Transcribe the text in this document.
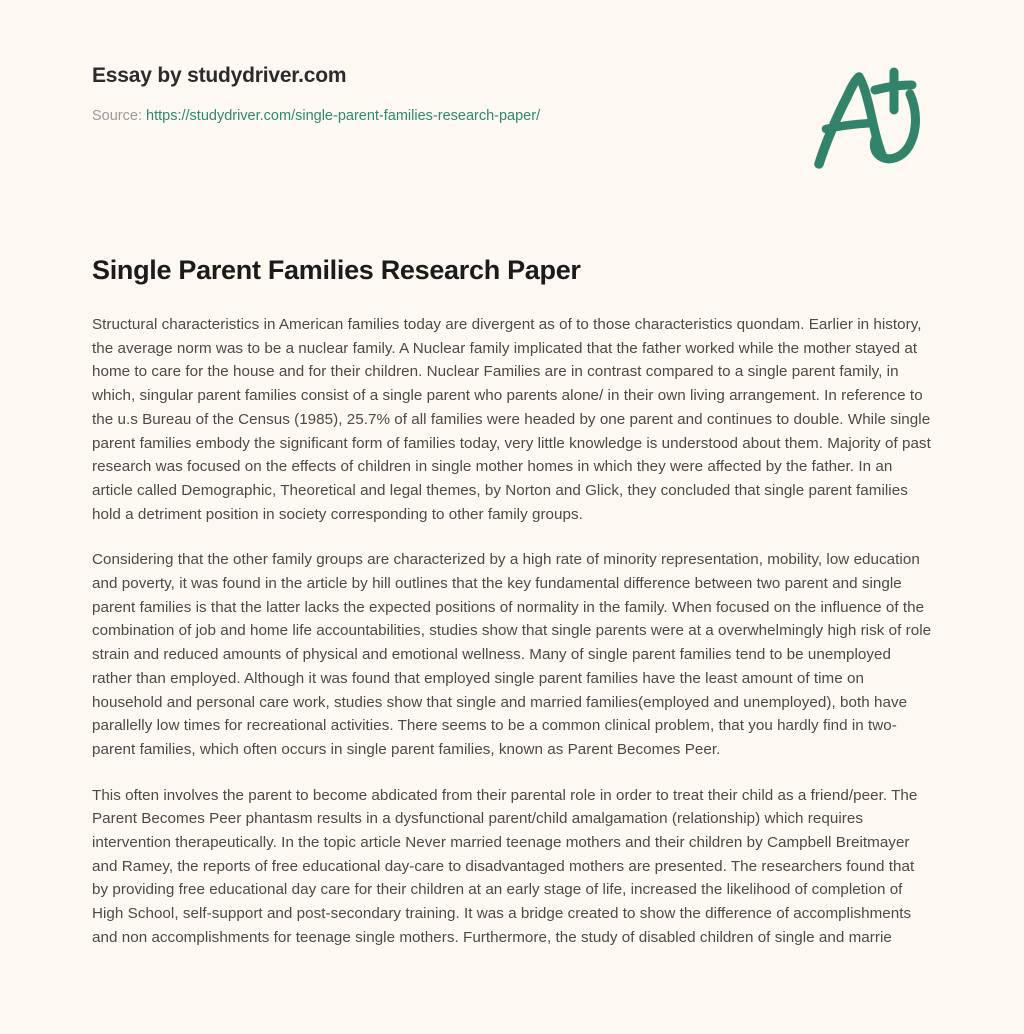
Essay by studydriver.com
Source: https://studydriver.com/single-parent-families-research-paper/
Single Parent Families Research Paper

Structural characteristics in American families today are divergent as of to those characteristics quondam. Earlier in history, the average norm was to be a nuclear family. A Nuclear family implicated that the father worked while the mother stayed at home to care for the house and for their children. Nuclear Families are in contrast compared to a single parent family, in which, singular parent families consist of a single parent who parents alone/ in their own living arrangement. In reference to the u.s Bureau of the Census (1985), 25.7% of all families were headed by one parent and continues to double. While single parent families embody the significant form of families today, very little knowledge is understood about them. Majority of past research was focused on the effects of children in single mother homes in which they were affected by the father. In an article called Demographic, Theoretical and legal themes, by Norton and Glick, they concluded that single parent families hold a detriment position in society corresponding to other family groups.

Considering that the other family groups are characterized by a high rate of minority representation, mobility, low education and poverty, it was found in the article by hill outlines that the key fundamental difference between two parent and single parent families is that the latter lacks the expected positions of normality in the family. When focused on the influence of the combination of job and home life accountabilities, studies show that single parents were at a overwhelmingly high risk of role strain and reduced amounts of physical and emotional wellness. Many of single parent families tend to be unemployed rather than employed. Although it was found that employed single parent families have the least amount of time on household and personal care work, studies show that single and married families(employed and unemployed), both have parallelly low times for recreational activities. There seems to be a common clinical problem, that you hardly find in two-parent families, which often occurs in single parent families, known as Parent Becomes Peer.

This often involves the parent to become abdicated from their parental role in order to treat their child as a friend/peer. The Parent Becomes Peer phantasm results in a dysfunctional parent/child amalgamation (relationship) which requires intervention therapeutically. In the topic article Never married teenage mothers and their children by Campbell Breitmayer and Ramey, the reports of free educational day-care to disadvantaged mothers are presented. The researchers found that by providing free educational day care for their children at an early stage of life, increased the likelihood of completion of High School, self-support and post-secondary training. It was a bridge created to show the difference of accomplishments and non accomplishments for teenage single mothers. Furthermore, the study of disabled children of single and marrie
